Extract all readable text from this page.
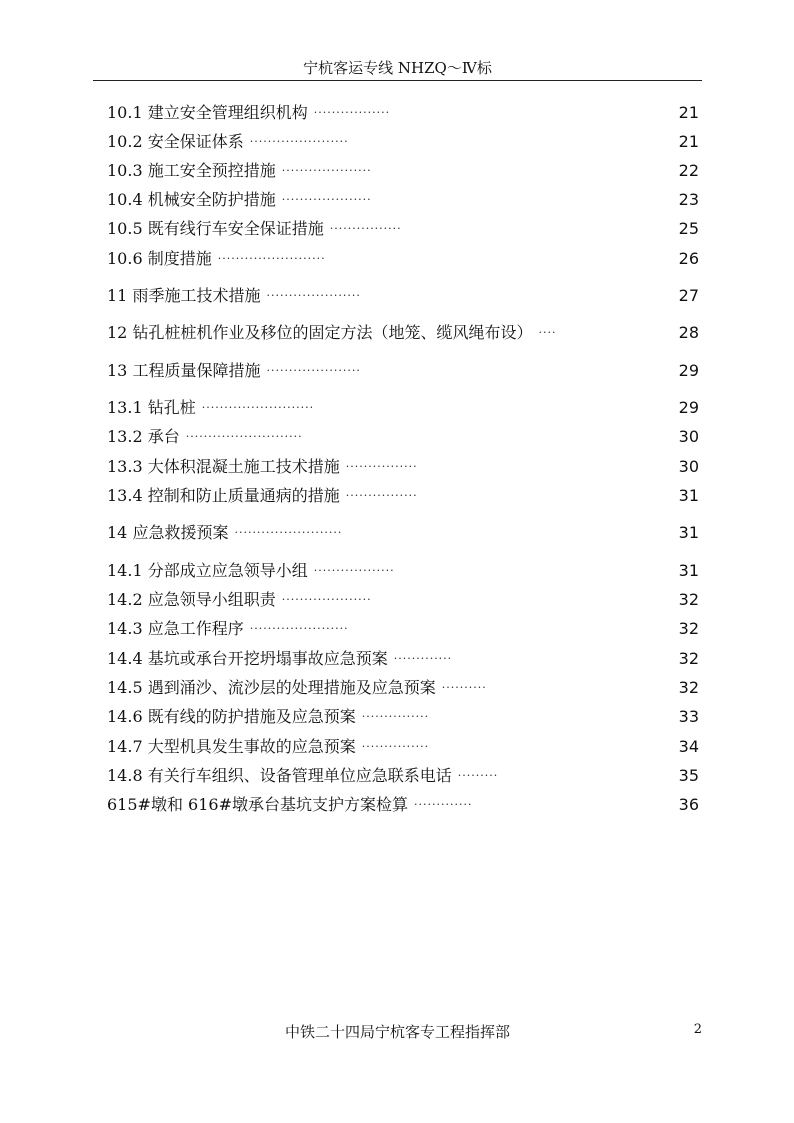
宁杭客运专线 NHZQ～Ⅳ标
10.1 建立安全管理组织机构 ·················	21
10.2 安全保证体系 ······················	21
10.3 施工安全预控措施 ····················	22
10.4 机械安全防护措施 ····················	23
10.5 既有线行车安全保证措施 ················	25
10.6 制度措施 ························	26
11 雨季施工技术措施 ·····················	27
12 钻孔桩桩机作业及移位的固定方法（地笼、缆风绳布设） ····	28
13 工程质量保障措施 ·····················	29
13.1 钻孔桩 ·························	29
13.2 承台 ··························	30
13.3 大体积混凝土施工技术措施 ················	30
13.4 控制和防止质量通病的措施 ················	31
14 应急救援预案 ························	31
14.1 分部成立应急领导小组 ··················	31
14.2 应急领导小组职责 ····················	32
14.3 应急工作程序 ······················	32
14.4 基坑或承台开挖坍塌事故应急预案 ·············	32
14.5 遇到涌沙、流沙层的处理措施及应急预案 ··········	32
14.6 既有线的防护措施及应急预案 ···············	33
14.7 大型机具发生事故的应急预案 ···············	34
14.8 有关行车组织、设备管理单位应急联系电话 ·········	35
615#墩和 616#墩承台基坑支护方案检算 ·············	36
中铁二十四局宁杭客专工程指挥部	2
